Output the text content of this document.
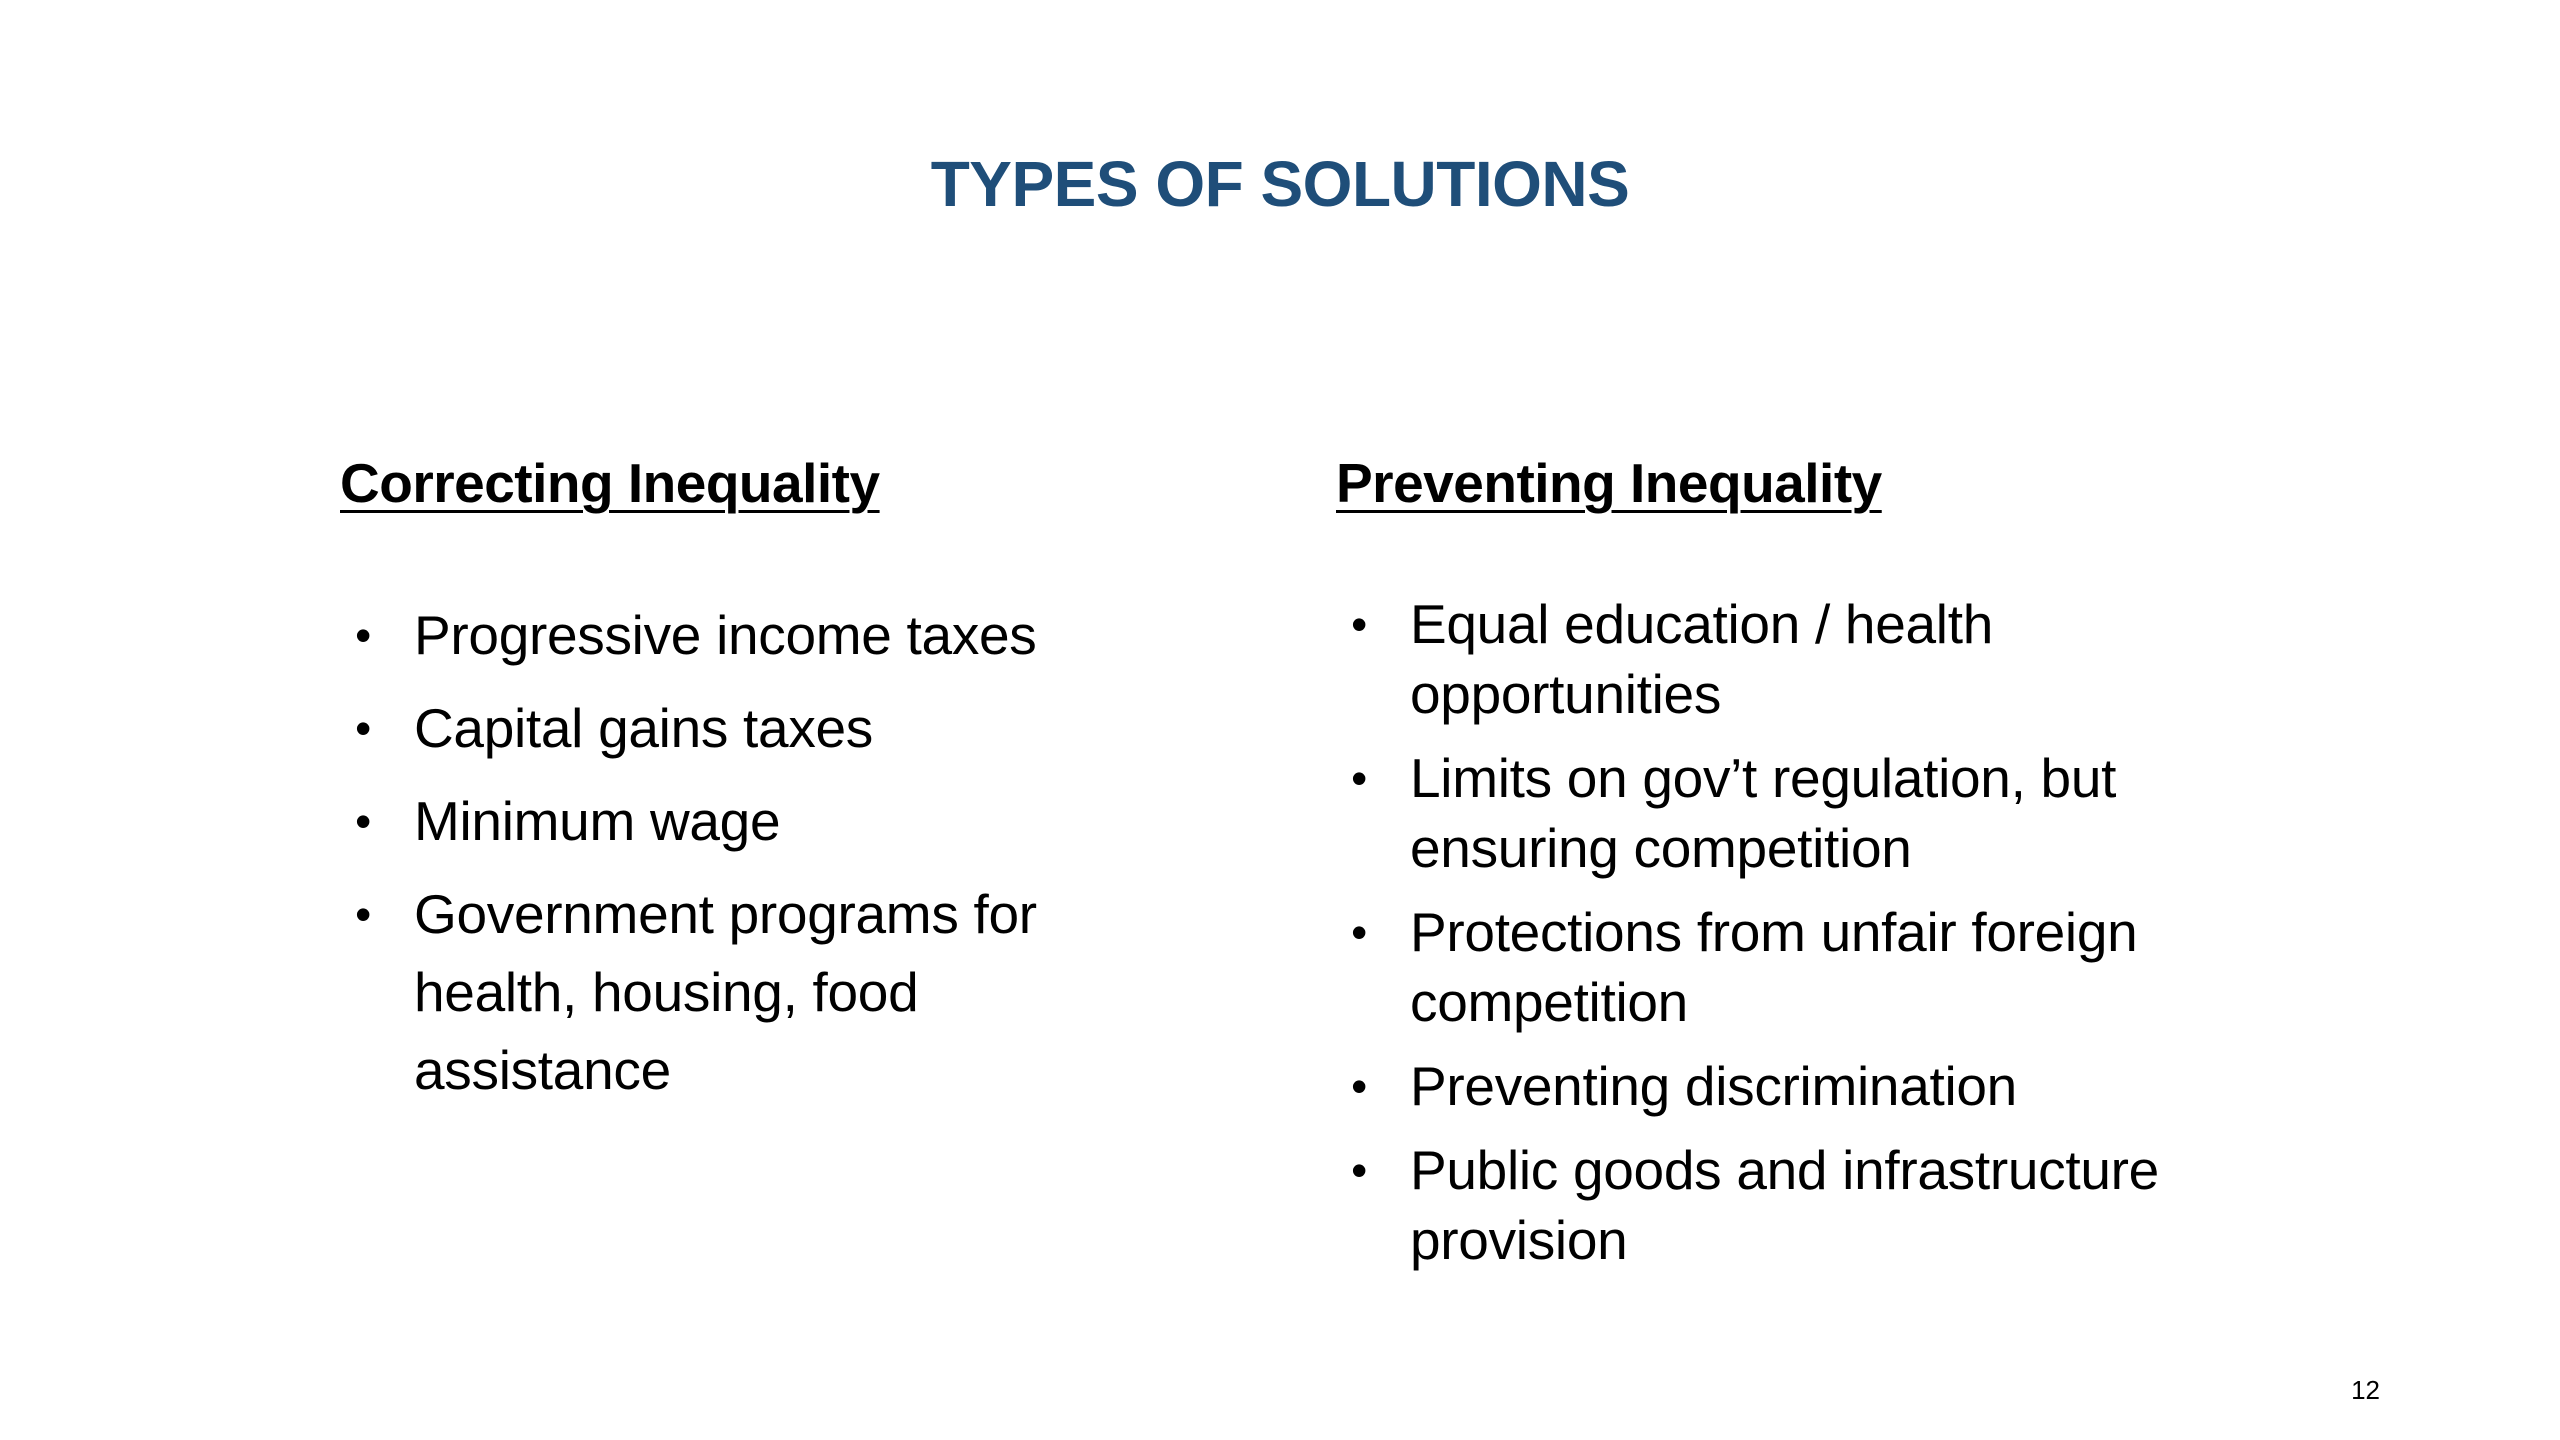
TYPES OF SOLUTIONS
Correcting Inequality
• Progressive income taxes
• Capital gains taxes
• Minimum wage
• Government programs for health, housing, food assistance
Preventing Inequality
• Equal education / health opportunities
• Limits on gov’t regulation, but ensuring competition
• Protections from unfair foreign competition
• Preventing discrimination
• Public goods and infrastructure provision
12
